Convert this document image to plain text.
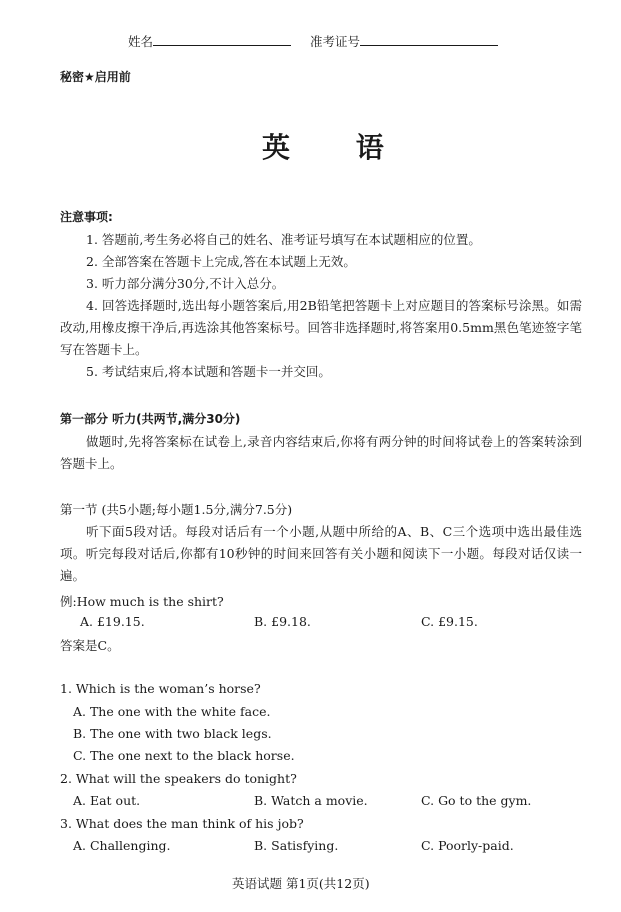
姓名	准考证号
秘密★启用前
英 语
注意事项:
1. 答题前,考生务必将自己的姓名、准考证号填写在本试题相应的位置。
2. 全部答案在答题卡上完成,答在本试题上无效。
3. 听力部分满分30分,不计入总分。
4. 回答选择题时,选出每小题答案后,用2B铅笔把答题卡上对应题目的答案标号涂黑。如需改动,用橡皮擦干净后,再选涂其他答案标号。回答非选择题时,将答案用0.5mm黑色笔迹签字笔写在答题卡上。
5. 考试结束后,将本试题和答题卡一并交回。
第一部分 听力(共两节,满分30分)
做题时,先将答案标在试卷上,录音内容结束后,你将有两分钟的时间将试卷上的答案转涂到答题卡上。
第一节 (共5小题;每小题1.5分,满分7.5分)
听下面5段对话。每段对话后有一个小题,从题中所给的A、B、C三个选项中选出最佳选项。听完每段对话后,你都有10秒钟的时间来回答有关小题和阅读下一小题。每段对话仅读一遍。
例:How much is the shirt?
A. £19.15.	B. £9.18.	C. £9.15.
答案是C。
1. Which is the woman’s horse?
A. The one with the white face.
B. The one with two black legs.
C. The one next to the black horse.
2. What will the speakers do tonight?
A. Eat out.	B. Watch a movie.	C. Go to the gym.
3. What does the man think of his job?
A. Challenging.	B. Satisfying.	C. Poorly-paid.
英语试题 第1页(共12页)
